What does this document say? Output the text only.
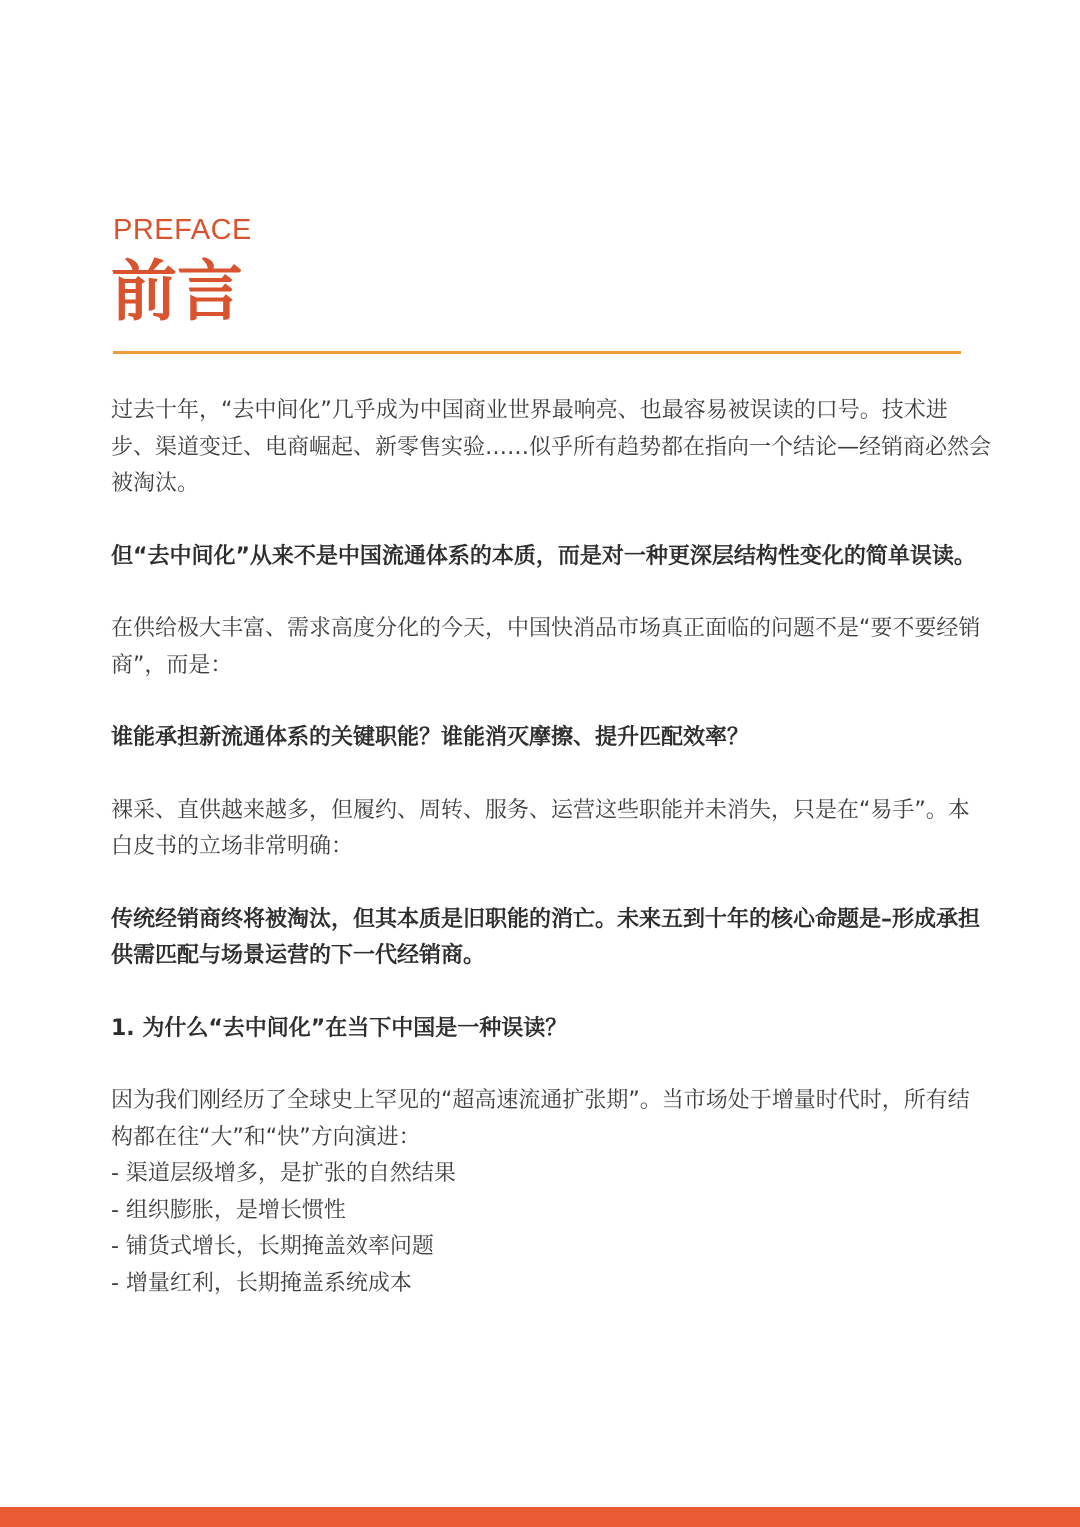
PREFACE
前言

过去十年，“去中间化”几乎成为中国商业世界最响亮、也最容易被误读的口号。技术进步、渠道变迁、电商崛起、新零售实验……似乎所有趋势都在指向一个结论—经销商必然会被淘汰。

但“去中间化”从来不是中国流通体系的本质，而是对一种更深层结构性变化的简单误读。

在供给极大丰富、需求高度分化的今天，中国快消品市场真正面临的问题不是“要不要经销商”，而是：

谁能承担新流通体系的关键职能？谁能消灭摩擦、提升匹配效率？

裸采、直供越来越多，但履约、周转、服务、运营这些职能并未消失，只是在“易手”。本白皮书的立场非常明确：

传统经销商终将被淘汰，但其本质是旧职能的消亡。未来五到十年的核心命题是–形成承担供需匹配与场景运营的下一代经销商。

1. 为什么“去中间化”在当下中国是一种误读？

因为我们刚经历了全球史上罕见的“超高速流通扩张期”。当市场处于增量时代时，所有结构都在往“大”和“快”方向演进：

- 渠道层级增多，是扩张的自然结果
- 组织膨胀，是增长惯性
- 铺货式增长，长期掩盖效率问题
- 增量红利，长期掩盖系统成本
